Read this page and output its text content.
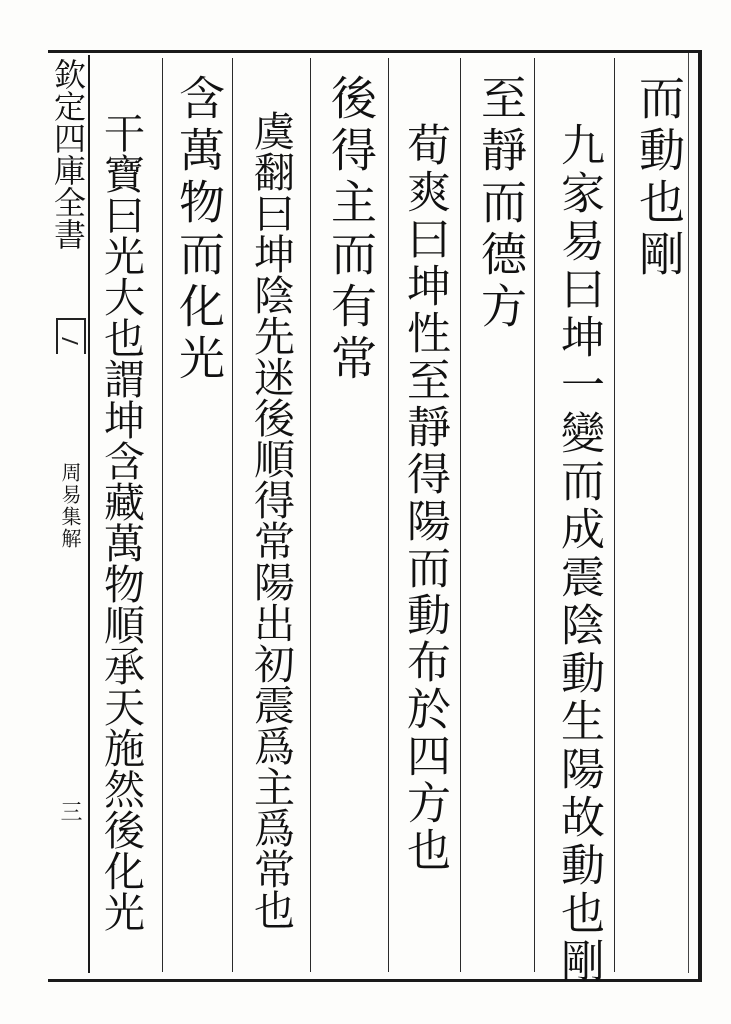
欽定四庫全書
周易集解
三
而動也剛
九家易曰坤一變而成震陰動生陽故動也剛
至靜而德方
荀爽曰坤性至靜得陽而動布於四方也
後得主而有常
虞翻曰坤陰先迷後順得常陽出初震爲主爲常也
含萬物而化光
干寶曰光大也謂坤含藏萬物順承天施然後化光
